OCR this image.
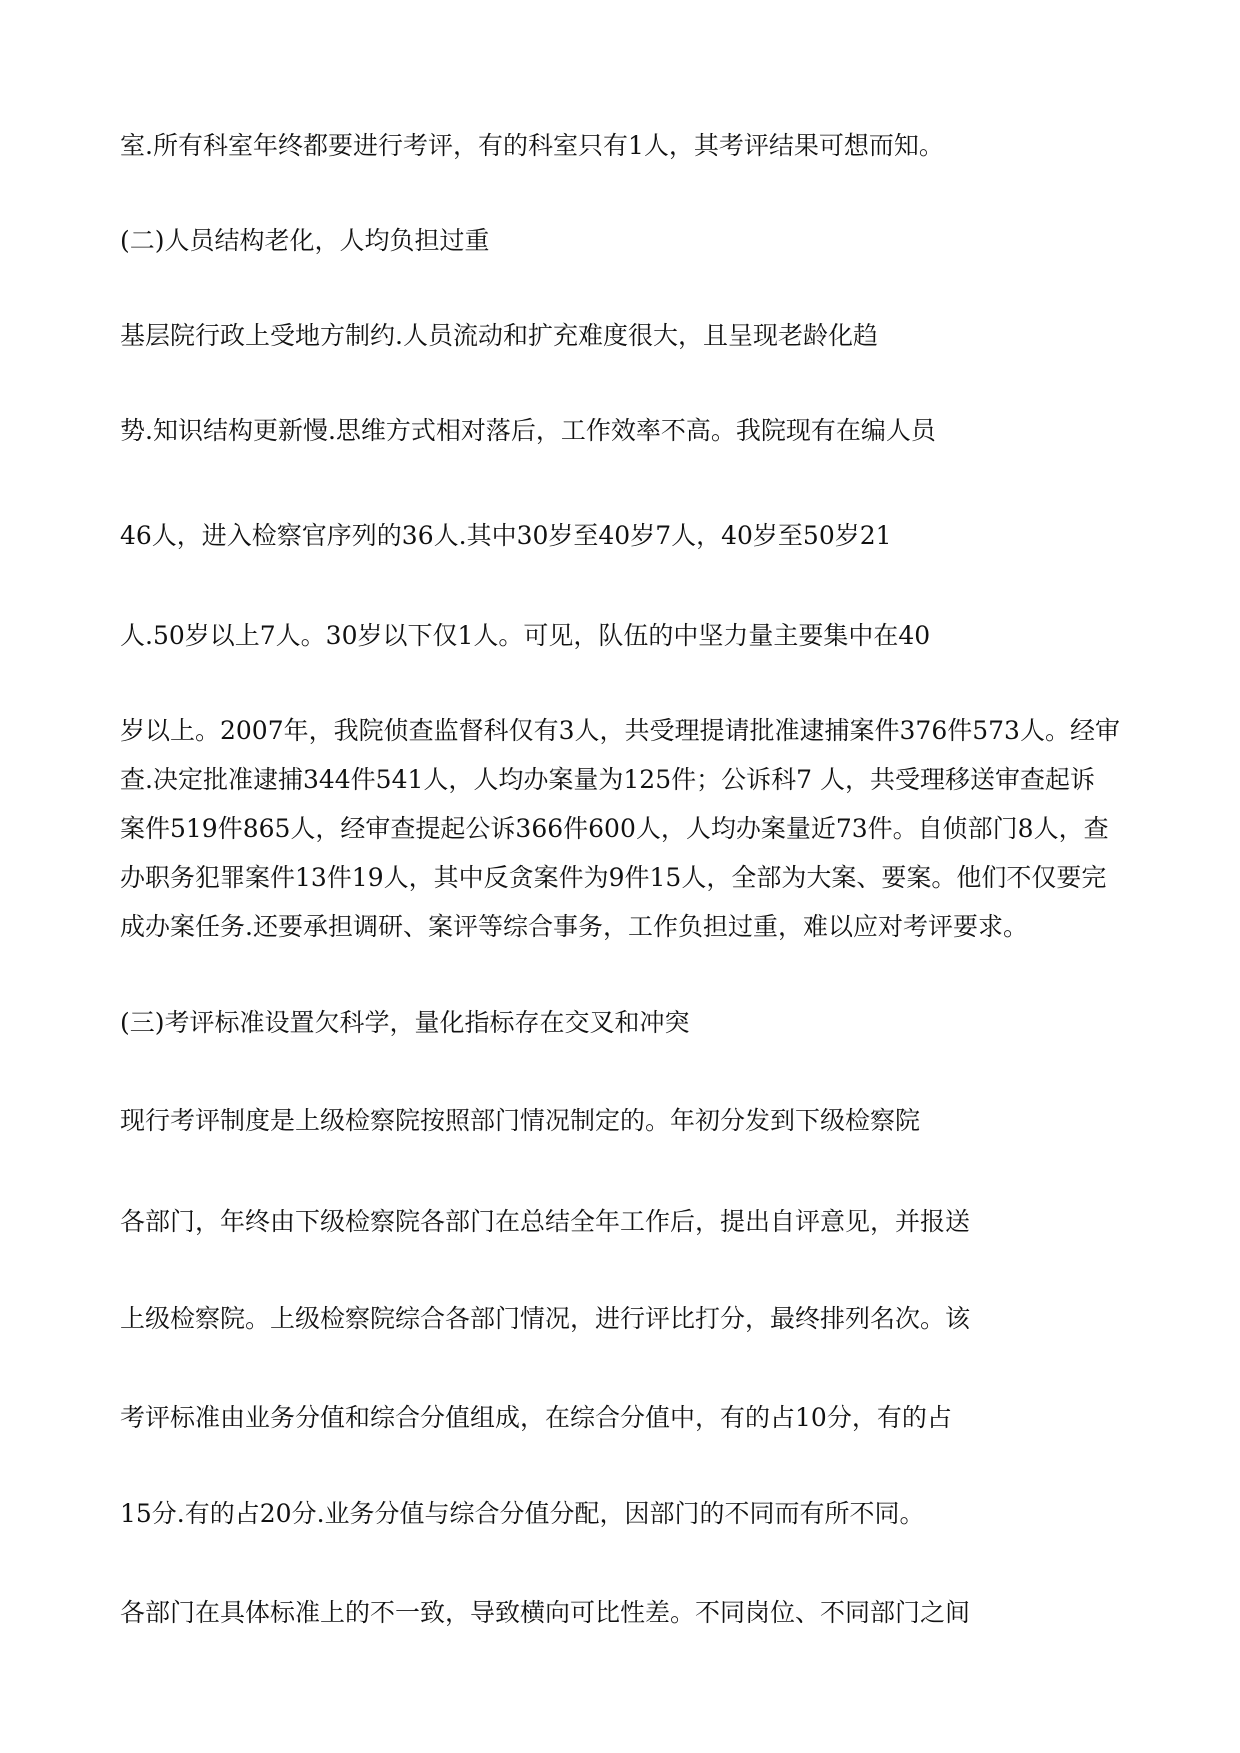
室.所有科室年终都要进行考评，有的科室只有1人，其考评结果可想而知。

(二)人员结构老化，人均负担过重

基层院行政上受地方制约.人员流动和扩充难度很大，且呈现老龄化趋

势.知识结构更新慢.思维方式相对落后，工作效率不高。我院现有在编人员

46人，进入检察官序列的36人.其中30岁至40岁7人，40岁至50岁21

人.50岁以上7人。30岁以下仅1人。可见，队伍的中坚力量主要集中在40

岁以上。2007年，我院侦查监督科仅有3人，共受理提请批准逮捕案件376件573人。经审

查.决定批准逮捕344件541人，人均办案量为125件；公诉科7 人，共受理移送审查起诉

案件519件865人，经审查提起公诉366件600人，人均办案量近73件。自侦部门8人，查

办职务犯罪案件13件19人，其中反贪案件为9件15人，全部为大案、要案。他们不仅要完

成办案任务.还要承担调研、案评等综合事务，工作负担过重，难以应对考评要求。

(三)考评标准设置欠科学，量化指标存在交叉和冲突

现行考评制度是上级检察院按照部门情况制定的。年初分发到下级检察院

各部门，年终由下级检察院各部门在总结全年工作后，提出自评意见，并报送

上级检察院。上级检察院综合各部门情况，进行评比打分，最终排列名次。该

考评标准由业务分值和综合分值组成，在综合分值中，有的占10分，有的占

15分.有的占20分.业务分值与综合分值分配，因部门的不同而有所不同。

各部门在具体标准上的不一致，导致横向可比性差。不同岗位、不同部门之间
